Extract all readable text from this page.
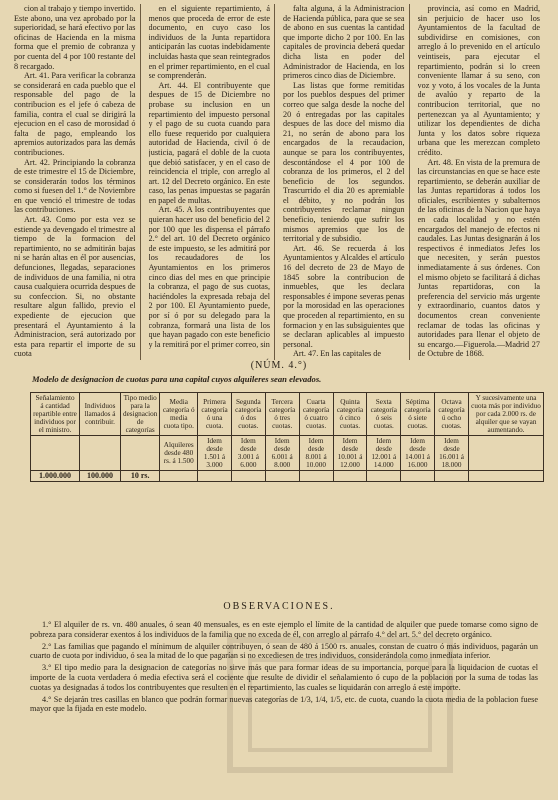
cion al trabajo y tiempo invertido. Este abono, una vez aprobado por la superioridad, se hará efectivo por las oficinas de Hacienda en la misma forma que el premio de cobranza y por cuenta del 4 por 100 restante del 8 recargado.

Art. 41. Para verificar la cobranza se considerará en cada pueblo que el responsable del pago de la contribucion es el jefe ó cabeza de familia, contra el cual se dirigirá la ejecucion en el caso de morosidad ó falta de pago, empleando los apremios autorizados para las demás contribuciones.

Art. 42. Principiando la cobranza de este trimestre el 15 de Diciembre, se considerarán todos los términos como si fuesen del 1.° de Noviembre en que venció el trimestre de todas las contribuciones.

Art. 43. Como por esta vez se estiende ya devengado el trimestre al tiempo de la formacion del repartimiento, no se admitirán bajas ni se harán altas en él por ausencias, defunciones, llegadas, separaciones de individuos de una familia, ni otra causa cualquiera ocurrida despues de su confeccion. Si, no obstante resultare algun fallido, previo el expediente de ejecucion que presentará el Ayuntamiento á la Administracion, será autorizado por esta para repartir el importe de su cuota

en el siguiente repartimiento, á menos que proceda de error de este documento, en cuyo caso los individuos de la Junta repartidora anticiparán las cuotas indebidamente incluidas hasta que sean reintegrados en el primer repartimiento, en el cual se comprenderán.

Art. 44. El contribuyente que despues de 15 de Diciembre no probase su inclusion en un repartimiento del impuesto personal y el pago de su cuota cuando para ello fuese requerido por cualquiera autoridad de Hacienda, civil ó de justicia, pagará el doble de la cuota que debió satisfacer, y en el caso de reincidencia el triple, con arreglo al art. 12 del Decreto orgánico. En este caso, las penas impuestas se pagarán en papel de multas.

Art. 45. A los contribuyentes que quieran hacer uso del beneficio del 2 por 100 que les dispensa el párrafo 2.° del art. 10 del Decreto orgánico de este impuesto, se les admitirá por los recaudadores de los Ayuntamientos en los primeros cinco dias del mes en que principie la cobranza, el pago de sus cuotas, haciéndoles la expresada rebaja del 2 por 100. El Ayuntamiento puede, por sí ó por su delegado para la cobranza, formará una lista de los que hayan pagado con este beneficio y la remitirá por el primer correo, sin

falta alguna, á la Administracion de Hacienda pública, para que se sea de abono en sus cuentas la cantidad que importe dicho 2 por 100. En las capitales de provincia deberá quedar dicha lista en poder del Administrador de Hacienda, en los primeros cinco dias de Diciembre.

Las listas que forme remitidas por los pueblos despues del primer correo que salga desde la noche del 20 ó entregadas por las capitales despues de las doce del mismo dia 21, no serán de abono para los encargados de la recaudacion, aunque se para los contribuyentes, descontándose el 4 por 100 de cobranza de los primeros, el 2 del beneficio de los segundos. Trascurrido el dia 20 es apremiable el débito, y no podrán los contribuyentes reclamar ningun beneficio, teniendo que sufrir los mismos apremios que los de territorial y de subsidio.

Art. 46. Se recuerda á los Ayuntamientos y Alcaldes el artículo 16 del decreto de 23 de Mayo de 1845 sobre la contribucion de inmuebles, que les declara responsables é impone severas penas por la morosidad en las operaciones que proceden al repartimiento, en su formacion y en las subsiguientes que se declaran aplicables al impuesto personal.

Art. 47. En las capitales de

provincia, así como en Madrid, sin perjuicio de hacer uso los Ayuntamientos de la facultad de subdividirse en comisiones, con arreglo á lo prevenido en el artículo veintiseis, para ejecutar el repartimiento, podrán si lo creen conveniente llamar á su seno, con voz y voto, á los vocales de la Junta de avalúo y reparto de la contribucion territorial, que no pertenezcan ya al Ayuntamiento; y utilizar los dependientes de dicha Junta y los datos sobre riqueza urbana que les merezcan completo crédito.

Art. 48. En vista de la premura de las circunstancias en que se hace este repartimiento, se deberán auxiliar de las Juntas repartidoras á todos los oficiales, escribientes y subalternos de las oficinas de la Nacion que haya en cada localidad y no estén encargados del manejo de efectos ni caudales. Las Juntas designarán á los respectivos é inmediatos Jefes los que necesiten, y serán puestos inmediatamente á sus órdenes. Con el mismo objeto se facilitará á dichas Juntas repartidoras, con la preferencia del servicio más urgente y extraordinario, cuantos datos y documentos crean conveniente reclamar de todas las oficinas y autoridades para llenar el objeto de su encargo.—Figuerola.—Madrid 27 de Octubre de 1868.

(NÚM. 4.°)
Modelo de designacion de cuotas para una capital cuyos alquileres sean elevados.
Señalamiento á cantidad repartible entre individuos por el ministro.	Individuos llamados á contribuir.	Tipo medio para la designacion de categorías	Media categoría ó media cuota tipo.	Primera categoría ó una cuota.	Segunda categoría ó dos cuotas.	Tercera categoría ó tres cuotas.	Cuarta categoría ó cuatro cuotas.	Quinta categoría ó cinco cuotas.	Sexta categoría ó seis cuotas.	Séptima categoría ó siete cuotas.	Octava categoría ú ocho cuotas.	Y sucesivamente una cuota más por individuo por cada 2.000 rs. de alquiler que se vayan aumentando.
			Alquileres desde 480 rs. á 1.500	Idem desde 1.501 á 3.000	Idem desde 3.001 á 6.000	Idem desde 6.001 á 8.000	Idem desde 8.001 á 10.000	Idem desde 10.001 á 12.000	Idem desde 12.001 á 14.000	Idem desde 14.001 á 16.000	Idem desde 16.001 á 18.000	
1.000.000	100.000	10 rs.										
OBSERVACIONES.

1.° El alquiler de rs. vn. 480 anuales, ó sean 40 mensuales, es en este ejemplo el límite de la cantidad de alquiler que puede tomarse como signo de pobreza para considerar exentos á los individuos de la familia que no exceda de él, con arreglo al párrafo 4.° del art. 5.° del decreto orgánico.

2.° Las familias que pagando el mínimum de alquiler contribuyen, ó sean de 480 á 1500 rs. anuales, constan de cuatro ó más individuos, pagarán un cuarto de cuota por individuo, ó sea la mitad de lo que pagarían si no excediesen de tres individuos, considerándola como inmediata inferior.

3.° El tipo medio para la designacion de categorías no sirve más que para formar ideas de su importancia, porque para la liquidacion de cuotas el importe de la cuota verdadera ó media efectiva será el cociente que resulte de dividir el señalamiento ó cupo de la poblacion por la suma de todas las cuotas ya designadas á todos los contribuyentes que resulten en el repartimiento, las cuales se liquidarán con arreglo á este importe.

4.° Se dejarán tres casillas en blanco que podrán formar nuevas categorías de 1/3, 1/4, 1/5, etc. de cuota, cuando la cuota media de la poblacion fuese mayor que la fijada en este modelo.
